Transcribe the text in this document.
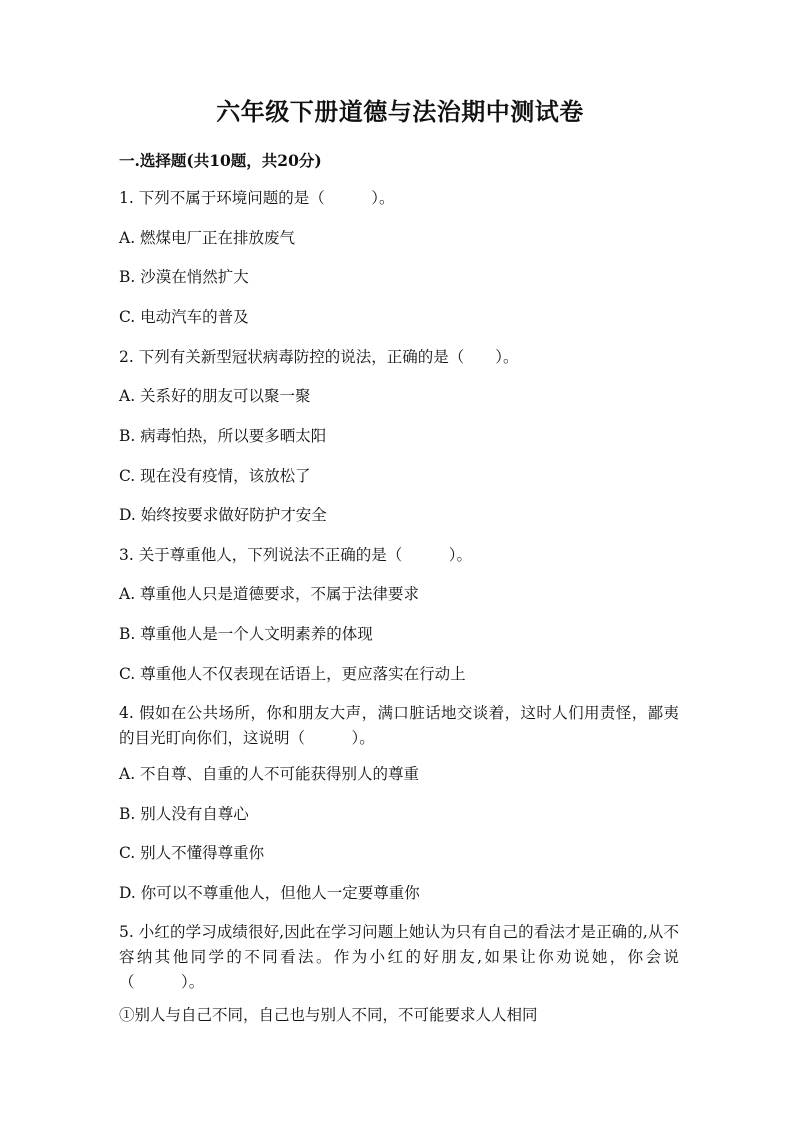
六年级下册道德与法治期中测试卷
一.选择题(共10题，共20分)
1. 下列不属于环境问题的是（　　　）。
A. 燃煤电厂正在排放废气
B. 沙漠在悄然扩大
C. 电动汽车的普及
2. 下列有关新型冠状病毒防控的说法，正确的是（　　）。
A. 关系好的朋友可以聚一聚
B. 病毒怕热，所以要多晒太阳
C. 现在没有疫情，该放松了
D. 始终按要求做好防护才安全
3. 关于尊重他人，下列说法不正确的是（　　　）。
A. 尊重他人只是道德要求，不属于法律要求
B. 尊重他人是一个人文明素养的体现
C. 尊重他人不仅表现在话语上，更应落实在行动上
4. 假如在公共场所，你和朋友大声，满口脏话地交谈着，这时人们用责怪，鄙夷的目光盯向你们，这说明（　　　）。
A. 不自尊、自重的人不可能获得别人的尊重
B. 别人没有自尊心
C. 别人不懂得尊重你
D. 你可以不尊重他人，但他人一定要尊重你
5. 小红的学习成绩很好,因此在学习问题上她认为只有自己的看法才是正确的,从不容纳其他同学的不同看法。作为小红的好朋友,如果让你劝说她，你会说（　　　）。
①别人与自己不同，自己也与别人不同，不可能要求人人相同
